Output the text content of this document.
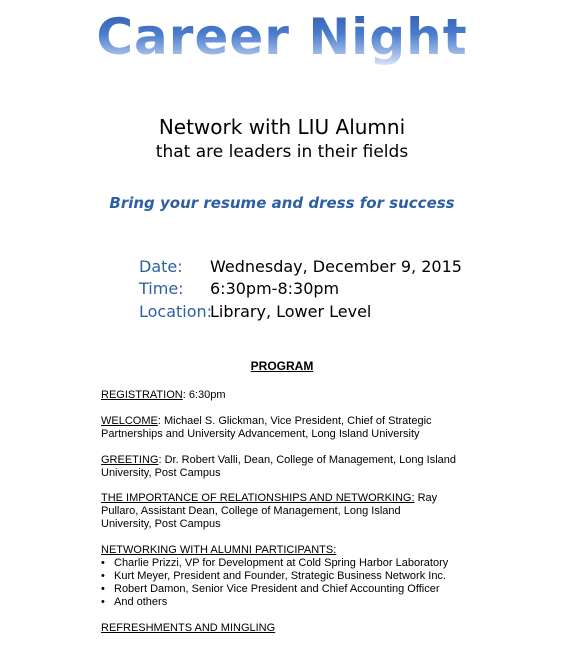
Career Night
Network with LIU Alumni
that are leaders in their fields
Bring your resume and dress for success
Date: Wednesday, December 9, 2015
Time: 6:30pm-8:30pm
Location:
Library, Lower Level
PROGRAM
REGISTRATION: 6:30pm
WELCOME: Michael S. Glickman, Vice President, Chief of Strategic Partnerships and University Advancement, Long Island University
GREETING: Dr. Robert Valli, Dean, College of Management, Long Island University, Post Campus
THE IMPORTANCE OF RELATIONSHIPS AND NETWORKING: Ray Pullaro, Assistant Dean, College of Management, Long Island University, Post Campus
NETWORKING WITH ALUMNI PARTICIPANTS:
• Charlie Prizzi, VP for Development at Cold Spring Harbor Laboratory
• Kurt Meyer, President and Founder, Strategic Business Network Inc.
• Robert Damon, Senior Vice President and Chief Accounting Officer
• And others
REFRESHMENTS AND MINGLING
